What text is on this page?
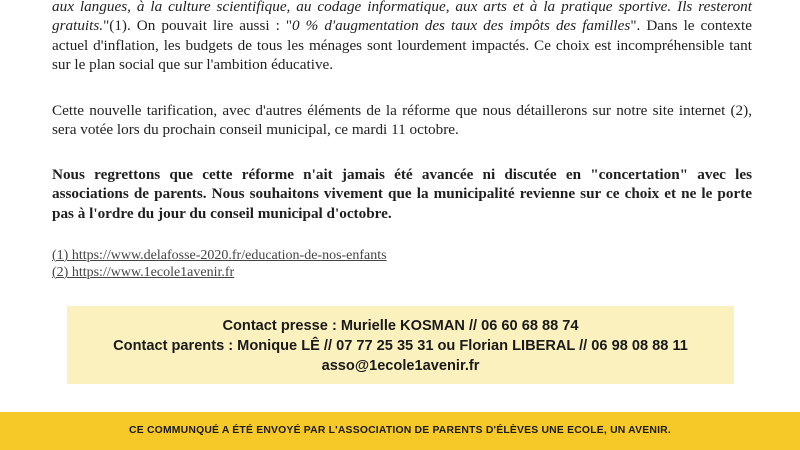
aux langues, à la culture scientifique, au codage informatique, aux arts et à la pratique sportive. Ils resteront gratuits."(1). On pouvait lire aussi : "0 % d'augmentation des taux des impôts des familles". Dans le contexte actuel d'inflation, les budgets de tous les ménages sont lourdement impactés. Ce choix est incompréhensible tant sur le plan social que sur l'ambition éducative.

Cette nouvelle tarification, avec d'autres éléments de la réforme que nous détaillerons sur notre site internet (2), sera votée lors du prochain conseil municipal, ce mardi 11 octobre.

Nous regrettons que cette réforme n'ait jamais été avancée ni discutée en "concertation" avec les associations de parents. Nous souhaitons vivement que la municipalité revienne sur ce choix et ne le porte pas à l'ordre du jour du conseil municipal d'octobre.

(1) https://www.delafosse-2020.fr/education-de-nos-enfants
(2) https://www.1ecole1avenir.fr
Contact presse : Murielle KOSMAN // 06 60 68 88 74
Contact parents : Monique LÊ // 07 77 25 35 31 ou Florian LIBERAL // 06 98 08 88 11
asso@1ecole1avenir.fr
CE COMMUNQUÉ A ÉTÉ ENVOYÉ PAR L'ASSOCIATION DE PARENTS D'ÉLÈVES UNE ECOLE, UN AVENIR.
